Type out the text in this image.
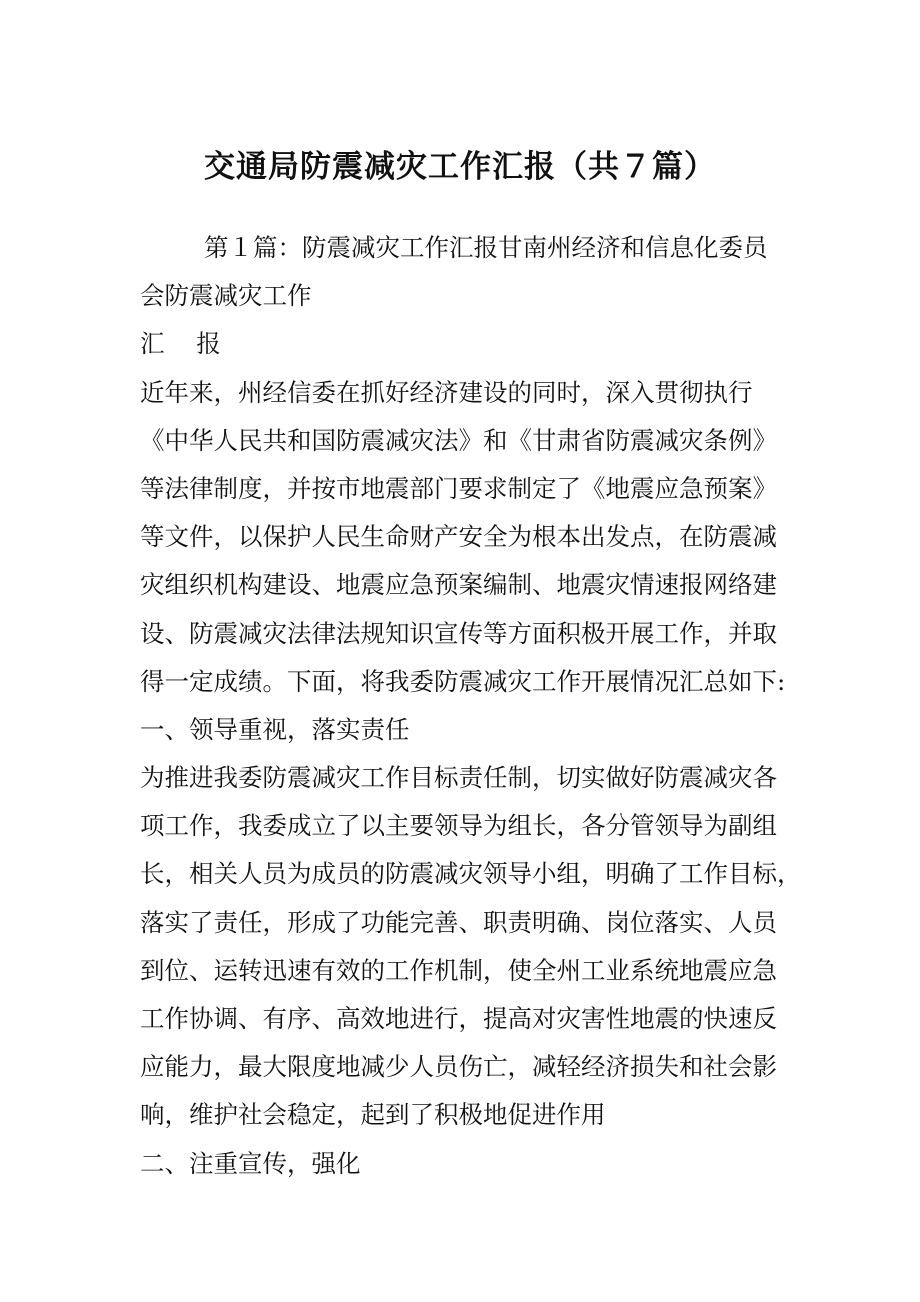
交通局防震减灾工作汇报（共７篇）
第１篇：防震减灾工作汇报甘南州经济和信息化委员
会防震减灾工作
汇 报
近年来，州经信委在抓好经济建设的同时，深入贯彻执行
《中华人民共和国防震减灾法》和《甘肃省防震减灾条例》
等法律制度，并按市地震部门要求制定了《地震应急预案》
等文件，以保护人民生命财产安全为根本出发点，在防震减
灾组织机构建设、地震应急预案编制、地震灾情速报网络建
设、防震减灾法律法规知识宣传等方面积极开展工作，并取
得一定成绩。下面，将我委防震减灾工作开展情况汇总如下:
一、领导重视，落实责任
为推进我委防震减灾工作目标责任制，切实做好防震减灾各
项工作，我委成立了以主要领导为组长，各分管领导为副组
长，相关人员为成员的防震减灾领导小组，明确了工作目标，
落实了责任，形成了功能完善、职责明确、岗位落实、人员
到位、运转迅速有效的工作机制，使全州工业系统地震应急
工作协调、有序、高效地进行，提高对灾害性地震的快速反
应能力，最大限度地减少人员伤亡，减轻经济损失和社会影
响，维护社会稳定，起到了积极地促进作用
二、注重宣传，强化
